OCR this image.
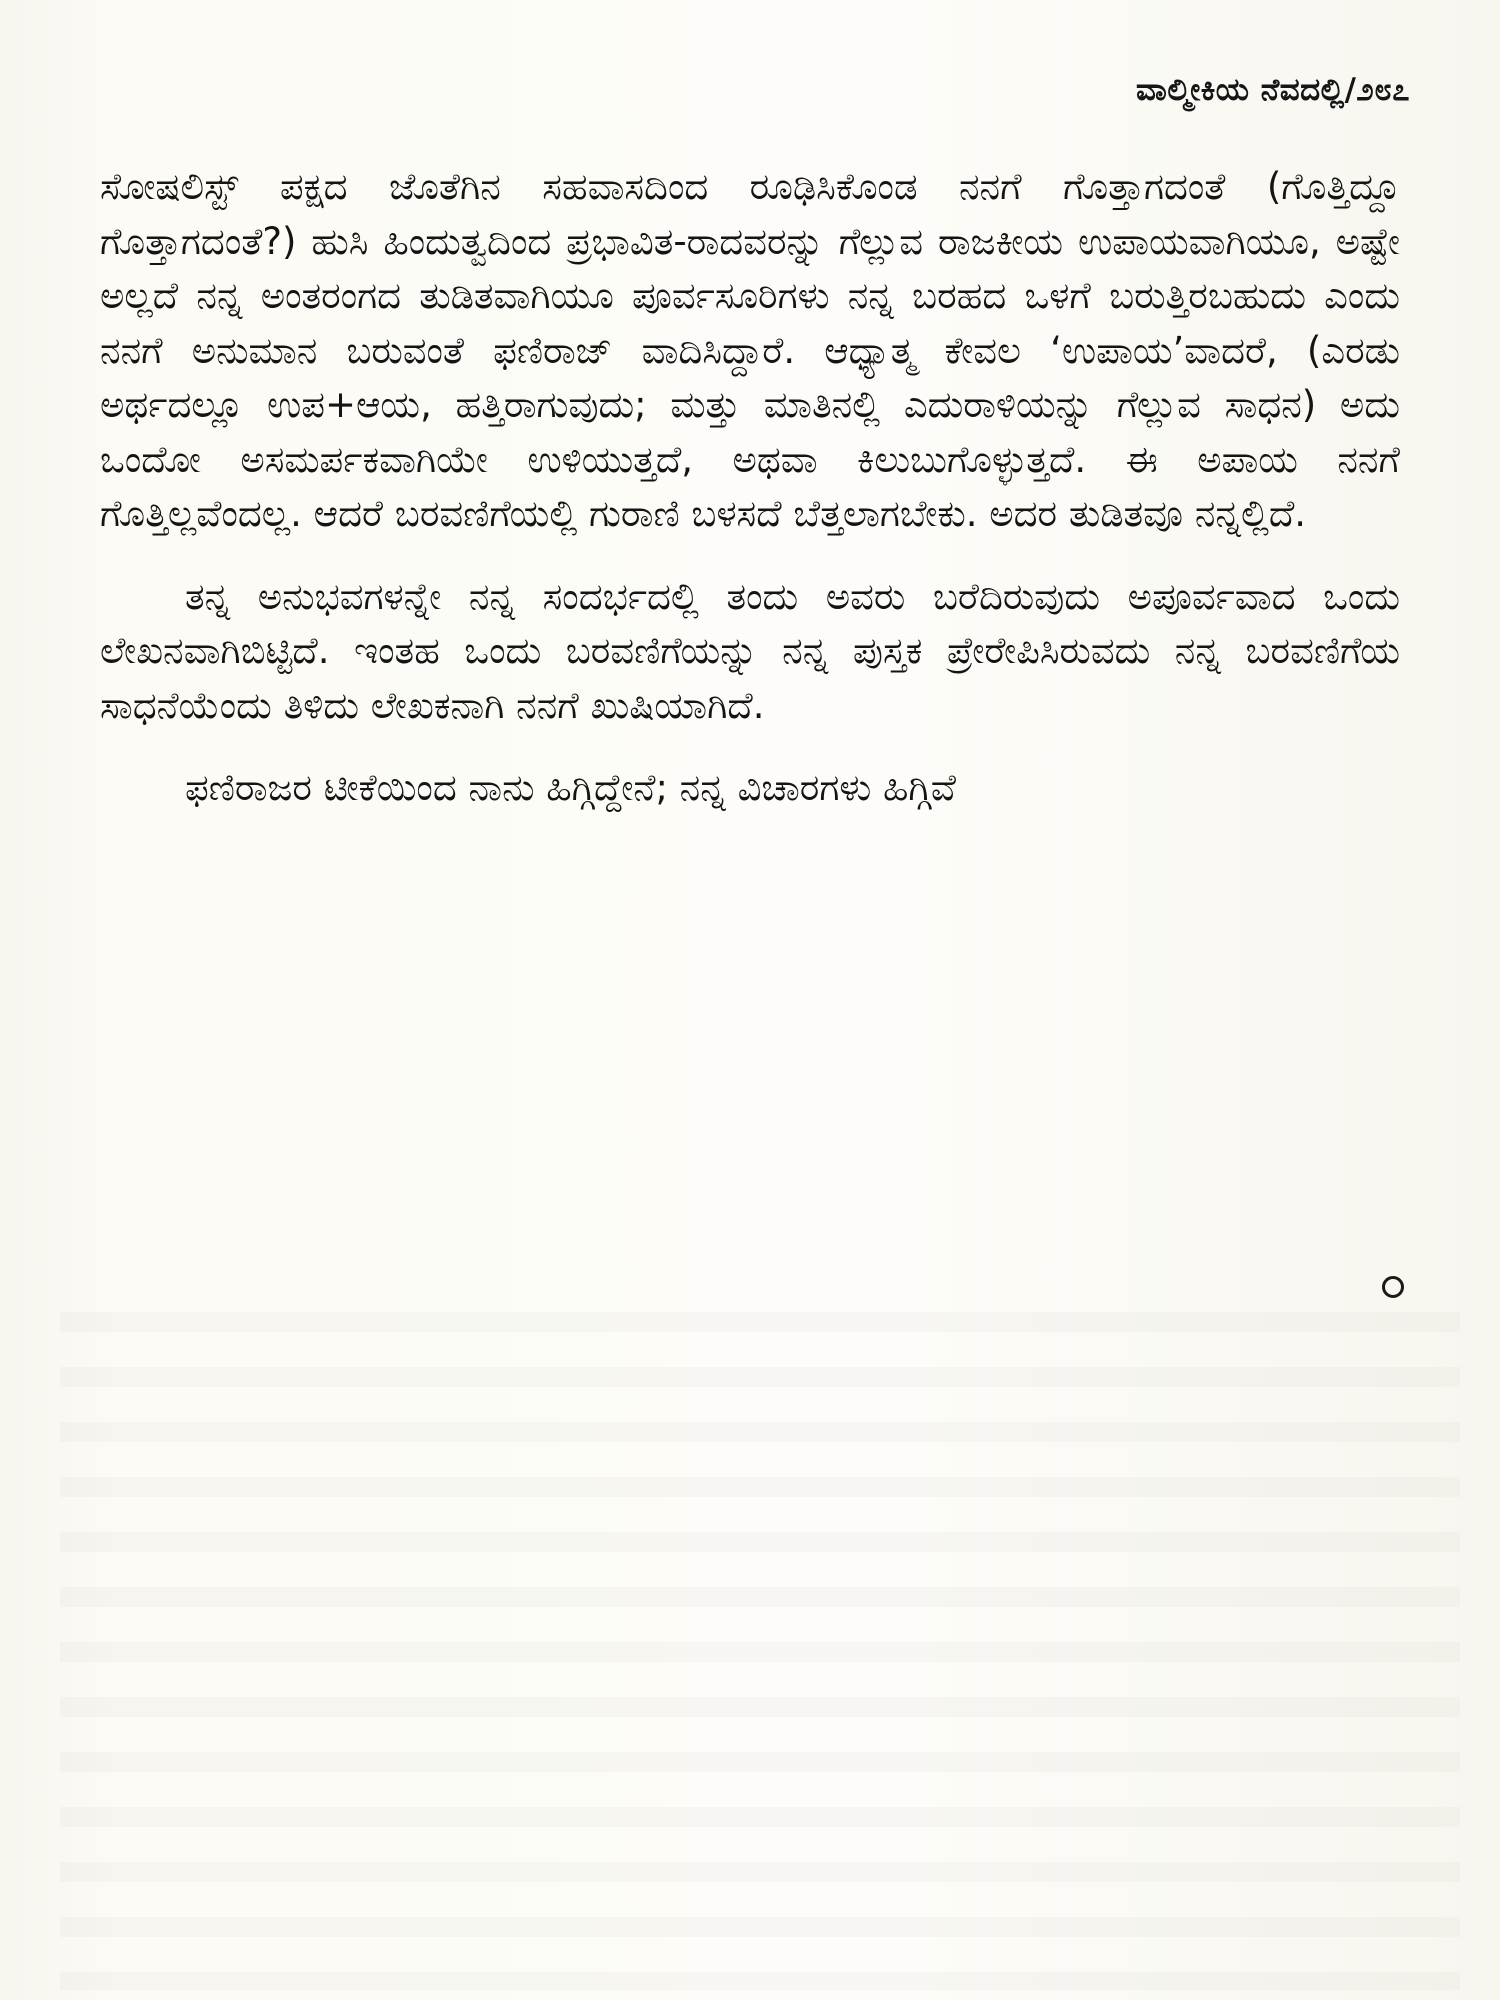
ವಾಲ್ಮೀಕಿಯ ನೆವದಲ್ಲಿ/೨೮೭

ಸೋಷಲಿಸ್ಟ್ ಪಕ್ಷದ ಜೊತೆಗಿನ ಸಹವಾಸದಿಂದ ರೂಢಿಸಿಕೊಂಡ ನನಗೆ ಗೊತ್ತಾಗದಂತೆ (ಗೊತ್ತಿದ್ದೂ ಗೊತ್ತಾಗದಂತೆ?) ಹುಸಿ ಹಿಂದುತ್ವದಿಂದ ಪ್ರಭಾವಿತ-ರಾದವರನ್ನು ಗೆಲ್ಲುವ ರಾಜಕೀಯ ಉಪಾಯವಾಗಿಯೂ, ಅಷ್ಟೇ ಅಲ್ಲದೆ ನನ್ನ ಅಂತರಂಗದ ತುಡಿತವಾಗಿಯೂ ಪೂರ್ವಸೂರಿಗಳು ನನ್ನ ಬರಹದ ಒಳಗೆ ಬರುತ್ತಿರಬಹುದು ಎಂದು ನನಗೆ ಅನುಮಾನ ಬರುವಂತೆ ಫಣಿರಾಜ್ ವಾದಿಸಿದ್ದಾರೆ. ಆಧ್ಯಾತ್ಮ ಕೇವಲ ‘ಉಪಾಯ’ವಾದರೆ, (ಎರಡು ಅರ್ಥದಲ್ಲೂ ಉಪ+ಆಯ, ಹತ್ತಿರಾಗುವುದು; ಮತ್ತು ಮಾತಿನಲ್ಲಿ ಎದುರಾಳಿಯನ್ನು ಗೆಲ್ಲುವ ಸಾಧನ) ಅದು ಒಂದೋ ಅಸಮರ್ಪಕವಾಗಿಯೇ ಉಳಿಯುತ್ತದೆ, ಅಥವಾ ಕಿಲುಬುಗೊಳ್ಳುತ್ತದೆ. ಈ ಅಪಾಯ ನನಗೆ ಗೊತ್ತಿಲ್ಲವೆಂದಲ್ಲ. ಆದರೆ ಬರವಣಿಗೆಯಲ್ಲಿ ಗುರಾಣಿ ಬಳಸದೆ ಬೆತ್ತಲಾಗಬೇಕು. ಅದರ ತುಡಿತವೂ ನನ್ನಲ್ಲಿದೆ.

ತನ್ನ ಅನುಭವಗಳನ್ನೇ ನನ್ನ ಸಂದರ್ಭದಲ್ಲಿ ತಂದು ಅವರು ಬರೆದಿರುವುದು ಅಪೂರ್ವವಾದ ಒಂದು ಲೇಖನವಾಗಿಬಿಟ್ಟಿದೆ. ಇಂತಹ ಒಂದು ಬರವಣಿಗೆಯನ್ನು ನನ್ನ ಪುಸ್ತಕ ಪ್ರೇರೇಪಿಸಿರುವದು ನನ್ನ ಬರವಣಿಗೆಯ ಸಾಧನೆಯೆಂದು ತಿಳಿದು ಲೇಖಕನಾಗಿ ನನಗೆ ಖುಷಿಯಾಗಿದೆ.

ಫಣಿರಾಜರ ಟೀಕೆಯಿಂದ ನಾನು ಹಿಗ್ಗಿದ್ದೇನೆ; ನನ್ನ ವಿಚಾರಗಳು ಹಿಗ್ಗಿವೆ
